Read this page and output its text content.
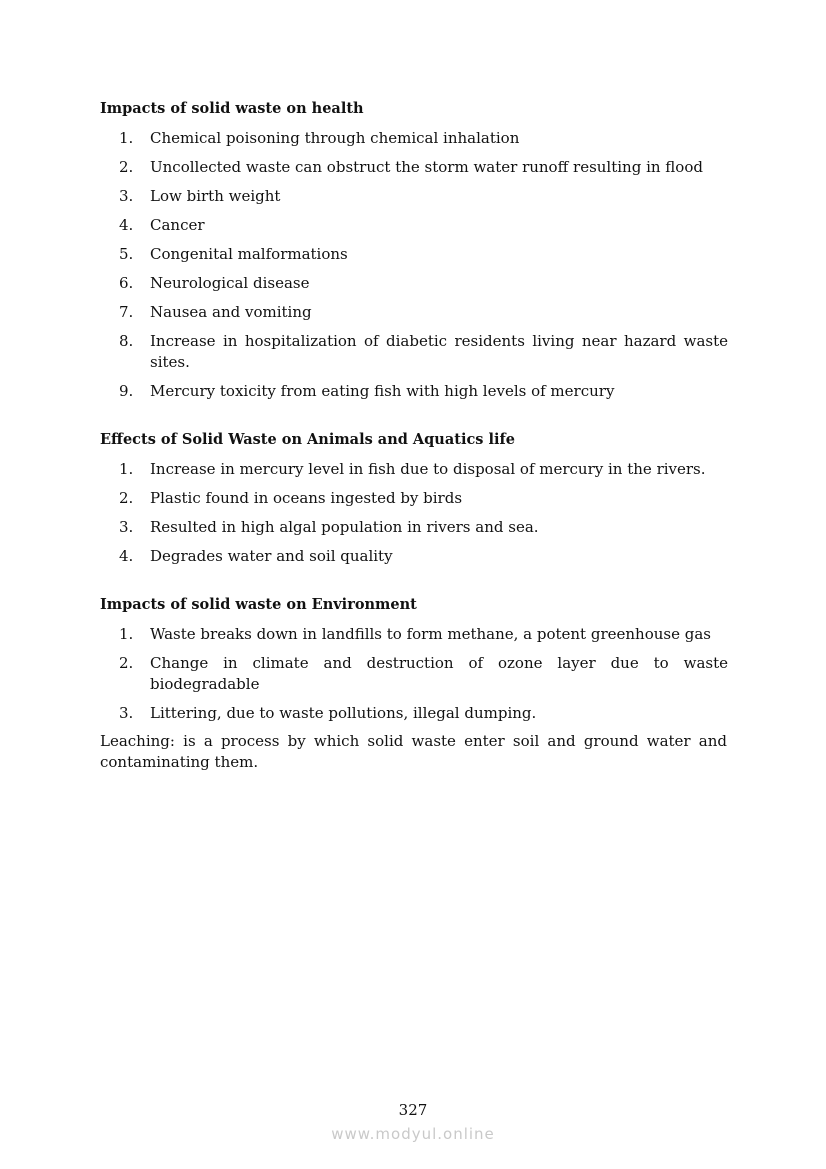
Impacts of solid waste on health
1.	Chemical poisoning through chemical inhalation
2.	Uncollected waste can obstruct the storm water runoff resulting in flood
3.	Low birth weight
4.	Cancer
5.	Congenital malformations
6.	Neurological disease
7.	Nausea and vomiting
8.	Increase in hospitalization of diabetic residents living near hazard waste sites.
9.	Mercury toxicity from eating fish with high levels of mercury
Effects of Solid Waste on Animals and Aquatics life
1.	Increase in mercury level in fish due to disposal of mercury in the rivers.
2.	Plastic found in oceans ingested by birds
3.	Resulted in high algal population in rivers and sea.
4.	Degrades water and soil quality
Impacts of solid waste on Environment
1.	Waste breaks down in landfills to form methane, a potent greenhouse gas
2.	Change in climate and destruction of ozone layer due to waste biodegradable
3.	Littering, due to waste pollutions, illegal dumping.

Leaching: is a process by which solid waste enter soil and ground water and contaminating them.

327
www.modyul.online
